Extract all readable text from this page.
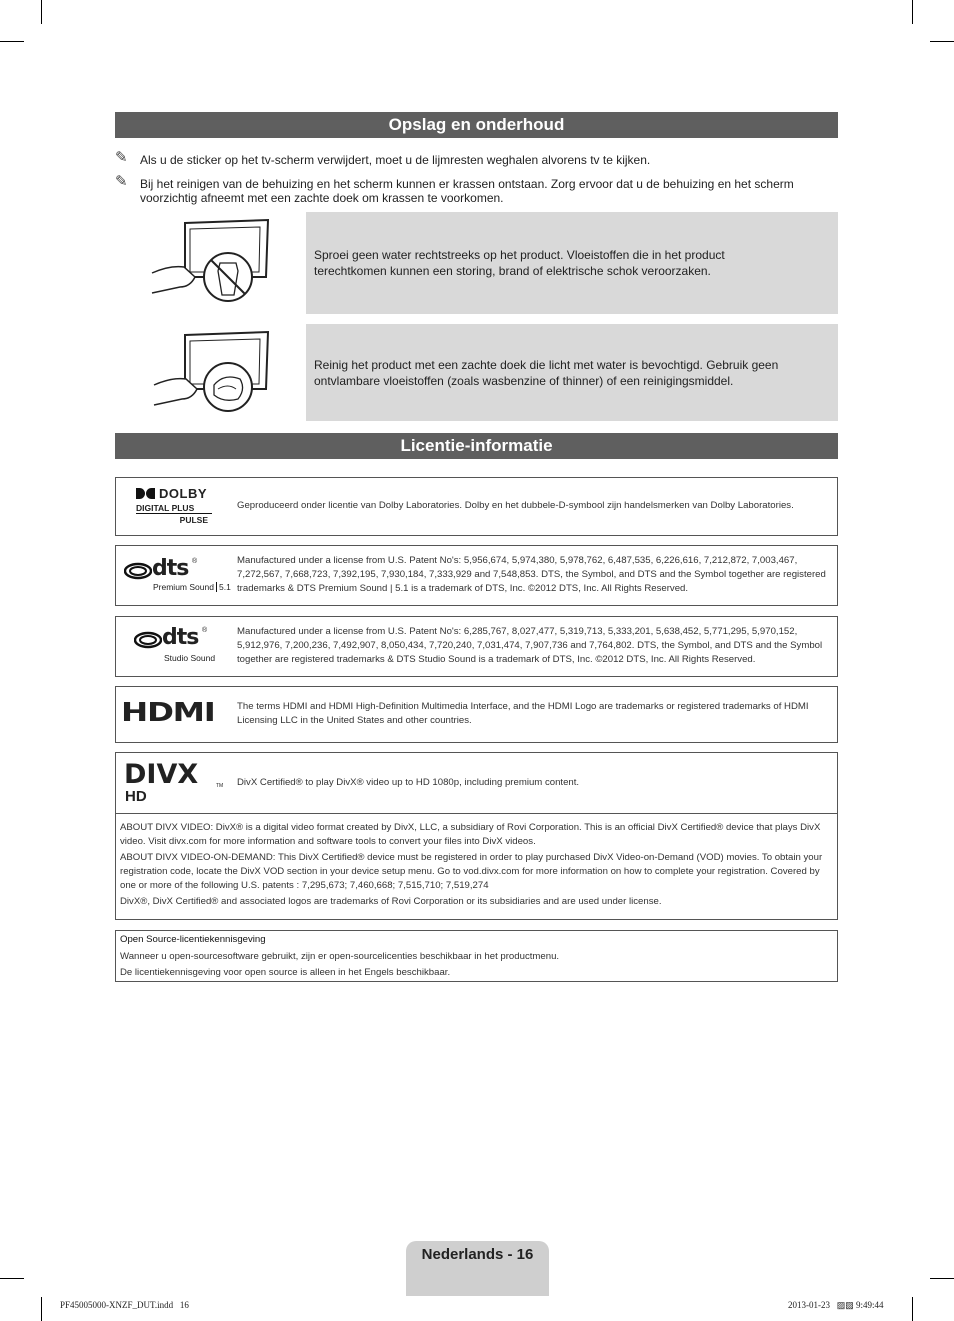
Opslag en onderhoud
✎ Als u de sticker op het tv-scherm verwijdert, moet u de lijmresten weghalen alvorens tv te kijken.
✎ Bij het reinigen van de behuizing en het scherm kunnen er krassen ontstaan. Zorg ervoor dat u de behuizing en het scherm voorzichtig afneemt met een zachte doek om krassen te voorkomen.
Sproei geen water rechtstreeks op het product. Vloeistoffen die in het product terechtkomen kunnen een storing, brand of elektrische schok veroorzaken.
Reinig het product met een zachte doek die licht met water is bevochtigd. Gebruik geen ontvlambare vloeistoffen (zoals wasbenzine of thinner) of een reinigingsmiddel.
Licentie-informatie
DOLBY
DIGITAL PLUS
PULSE
Geproduceerd onder licentie van Dolby Laboratories. Dolby en het dubbele-D-symbool zijn handelsmerken van Dolby Laboratories.
dts ®
Premium Sound 5.1
Manufactured under a license from U.S. Patent No's: 5,956,674, 5,974,380, 5,978,762, 6,487,535, 6,226,616, 7,212,872, 7,003,467, 7,272,567, 7,668,723, 7,392,195, 7,930,184, 7,333,929 and 7,548,853. DTS, the Symbol, and DTS and the Symbol together are registered trademarks & DTS Premium Sound | 5.1 is a trademark of DTS, Inc. ©2012 DTS, Inc. All Rights Reserved.
dts ®
Studio Sound
Manufactured under a license from U.S. Patent No's: 6,285,767, 8,027,477, 5,319,713, 5,333,201, 5,638,452, 5,771,295, 5,970,152, 5,912,976, 7,200,236, 7,492,907, 8,050,434, 7,720,240, 7,031,474, 7,907,736 and 7,764,802. DTS, the Symbol, and DTS and the Symbol together are registered trademarks & DTS Studio Sound is a trademark of DTS, Inc. ©2012 DTS, Inc. All Rights Reserved.
HDMI The terms HDMI and HDMI High-Definition Multimedia Interface, and the HDMI Logo are trademarks or registered trademarks of HDMI Licensing LLC in the United States and other countries.
DIVX
HD
TM DivX Certified® to play DivX® video up to HD 1080p, including premium content.

ABOUT DIVX VIDEO: DivX® is a digital video format created by DivX, LLC, a subsidiary of Rovi Corporation. This is an official DivX Certified® device that plays DivX video. Visit divx.com for more information and software tools to convert your files into DivX videos.

ABOUT DIVX VIDEO-ON-DEMAND: This DivX Certified® device must be registered in order to play purchased DivX Video-on-Demand (VOD) movies. To obtain your registration code, locate the DivX VOD section in your device setup menu. Go to vod.divx.com for more information on how to complete your registration. Covered by one or more of the following U.S. patents : 7,295,673; 7,460,668; 7,515,710; 7,519,274

DivX®, DivX Certified® and associated logos are trademarks of Rovi Corporation or its subsidiaries and are used under license.

Open Source-licentiekennisgeving

Wanneer u open-sourcesoftware gebruikt, zijn er open-sourcelicenties beschikbaar in het productmenu.

De licentiekennisgeving voor open source is alleen in het Engels beschikbaar.

Nederlands - 16
PF45005000-XNZF_DUT.indd   16	2013-01-23   ▨▨ 9:49:44
